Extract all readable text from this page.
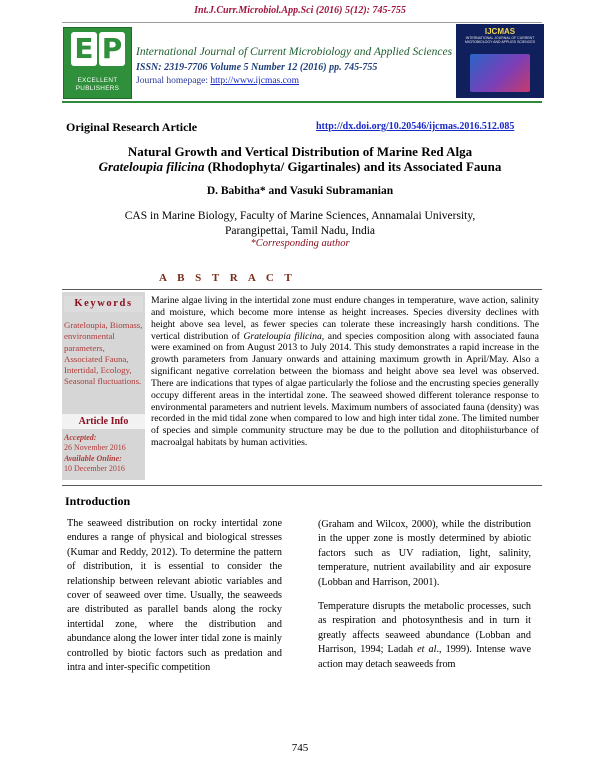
Int.J.Curr.Microbiol.App.Sci (2016) 5(12): 745-755
E P
EXCELLENT PUBLISHERS
International Journal of Current Microbiology and Applied Sciences
ISSN: 2319-7706 Volume 5 Number 12 (2016) pp. 745-755
Journal homepage: http://www.ijcmas.com
IJCMAS
INTERNATIONAL JOURNAL OF CURRENT MICROBIOLOGY AND APPLIED SCIENCES
Original Research Article	http://dx.doi.org/10.20546/ijcmas.2016.512.085
Natural Growth and Vertical Distribution of Marine Red Alga
Grateloupia filicina (Rhodophyta/ Gigartinales) and its Associated Fauna
D. Babitha* and Vasuki Subramanian
CAS in Marine Biology, Faculty of Marine Sciences, Annamalai University,
Parangipettai, Tamil Nadu, India
*Corresponding author
A B S T R A C T
Keywords
Grateloupia, Biomass, environmental parameters, Associated Fauna, Intertidal, Ecology, Seasonal fluctuations.
Article Info
Accepted:
26 November 2016
Available Online:
10 December 2016
Marine algae living in the intertidal zone must endure changes in temperature, wave action, salinity and moisture, which become more intense as height increases. Species diversity declines with height above sea level, as fewer species can tolerate these increasingly harsh conditions. The vertical distribution of Grateloupia filicina, and species composition along with associated fauna were examined on from August 2013 to July 2014. This study demonstrates a rapid increase in the growth parameters from January onwards and attaining maximum growth in April/May. Also a significant negative correlation between the biomass and height above sea level was observed. There are indications that types of algae particularly the foliose and the encrusting species generally occupy different areas in the intertidal zone. The seaweed showed different tolerance response to environmental parameters and nutrient levels. Maximum numbers of associated fauna (density) was recorded in the mid tidal zone when compared to low and high inter tidal zone. The limited number of species and simple community structure may be due to the pollution and ditophiisturbance of macroalgal habitats by human activities.
Introduction

The seaweed distribution on rocky intertidal zone endures a range of physical and biological stresses (Kumar and Reddy, 2012). To determine the pattern of distribution, it is essential to consider the relationship between relevant abiotic variables and cover of seaweed over time. Usually, the seaweeds are distributed as parallel bands along the rocky intertidal zone, where the distribution and abundance along the lower inter tidal zone is mainly controlled by biotic factors such as predation and intra and inter-specific competition

(Graham and Wilcox, 2000), while the distribution in the upper zone is mostly determined by abiotic factors such as UV radiation, light, salinity, temperature, nutrient availability and air exposure (Lobban and Harrison, 2001).

Temperature disrupts the metabolic processes, such as respiration and photosynthesis and in turn it greatly affects seaweed abundance (Lobban and Harrison, 1994; Ladah et al., 1999). Intense wave action may detach seaweeds from

745
